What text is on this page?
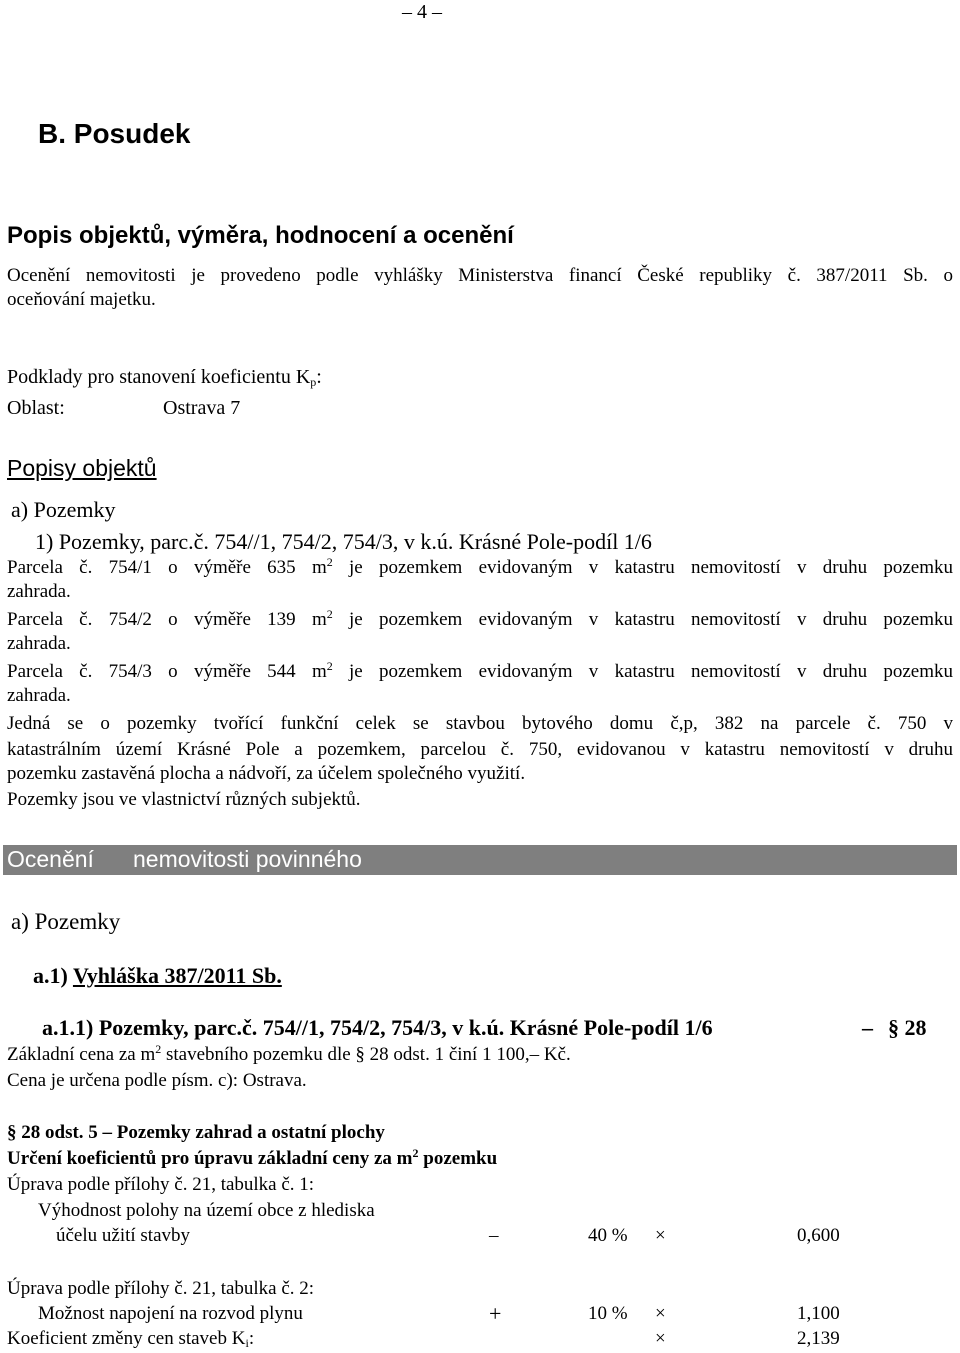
– 4 –
B. Posudek
Popis objektů, výměra, hodnocení a ocenění
Ocenění nemovitosti je provedeno podle vyhlášky Ministerstva financí České republiky č. 387/2011 Sb. o
oceňování majetku.
Podklady pro stanovení koeficientu $K_p$:
Oblast:	Ostrava 7
Popisy objektů
a) Pozemky
1) Pozemky, parc.č. 754//1, 754/2, 754/3, v k.ú. Krásné Pole-podíl 1/6
Parcela č. 754/1 o výměře 635 $m^2$ je pozemkem evidovaným v katastru nemovitostí v druhu pozemku
zahrada.
Parcela č. 754/2 o výměře 139 $m^2$ je pozemkem evidovaným v katastru nemovitostí v druhu pozemku
zahrada.
Parcela č. 754/3 o výměře 544 $m^2$ je pozemkem evidovaným v katastru nemovitostí v druhu pozemku
zahrada.
Jedná se o pozemky tvořící funkční celek se stavbou bytového domu č,p, 382 na parcele č. 750 v
katastrálním území Krásné Pole a pozemkem, parcelou č. 750, evidovanou v katastru nemovitostí v druhu
pozemku zastavěná plocha a nádvoří, za účelem společného využití.
Pozemky jsou ve vlastnictví různých subjektů.
Ocenění nemovitosti povinného
a) Pozemky
a.1) Vyhláška 387/2011 Sb.
a.1.1) Pozemky, parc.č. 754//1, 754/2, 754/3, v k.ú. Krásné Pole-podíl 1/6	– § 28
Základní cena za $m^2$ stavebního pozemku dle § 28 odst. 1 činí 1 100,– Kč.
Cena je určena podle písm. c): Ostrava.
§ 28 odst. 5 – Pozemky zahrad a ostatní plochy
Určení koeficientů pro úpravu základní ceny za $m^2$ pozemku
Úprava podle přílohy č. 21, tabulka č. 1:
Výhodnost polohy na území obce z hlediska
účelu užití stavby	–	40 % ×	0,600
Úprava podle přílohy č. 21, tabulka č. 2:
Možnost napojení na rozvod plynu	+	10 % ×	1,100
Koeficient změny cen staveb $K_i$:	×	2,139
